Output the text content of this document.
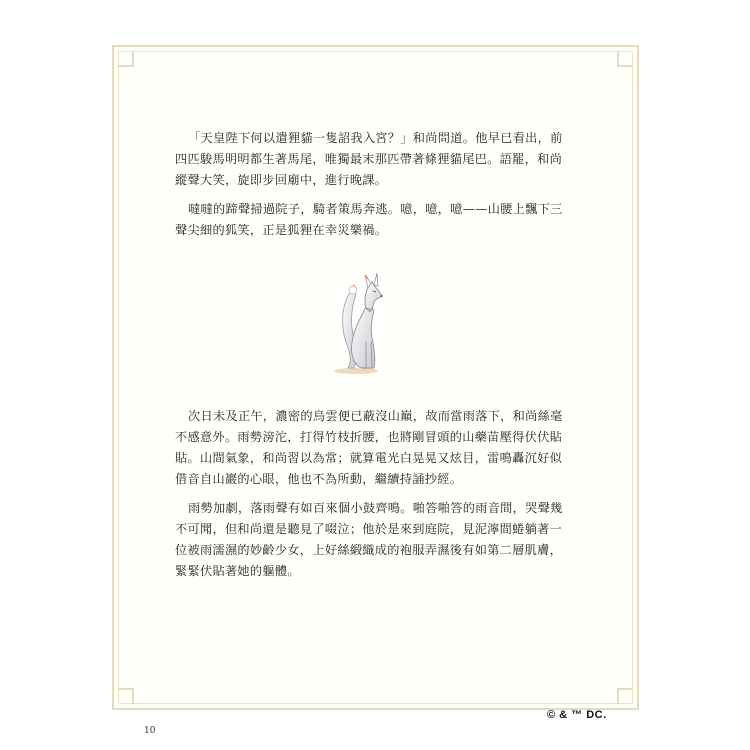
「天皇陛下何以遣狸貓一隻詔我入宮？」和尚問道。他早已看出，前四匹駿馬明明都生著馬尾，唯獨最末那匹帶著條狸貓尾巴。語罷，和尚縱聲大笑，旋即步回廟中，進行晚課。

噠噠的蹄聲掃過院子，騎者策馬奔逃。噫，噫，噫——山腰上飄下三聲尖細的狐笑，正是狐狸在幸災樂禍。

次日未及正午，濃密的烏雲便已蔽沒山巔，故而當雨落下，和尚絲毫不感意外。雨勢滂沱，打得竹枝折腰，也將剛冒頭的山藥苗壓得伏伏貼貼。山間氣象，和尚習以為常；就算電光白晃晃又炫目，雷鳴轟沉好似借音自山巖的心眼，他也不為所動，繼續持誦抄經。

雨勢加劇，落雨聲有如百來個小鼓齊鳴。啪答啪答的雨音間，哭聲幾不可聞，但和尚還是聽見了啜泣；他於是來到庭院，見泥濘間蜷躺著一位被雨濡濕的妙齡少女，上好絲緞織成的袍服弄濕後有如第二層肌膚，緊緊伏貼著她的軀體。

10
© & ™ DC.
